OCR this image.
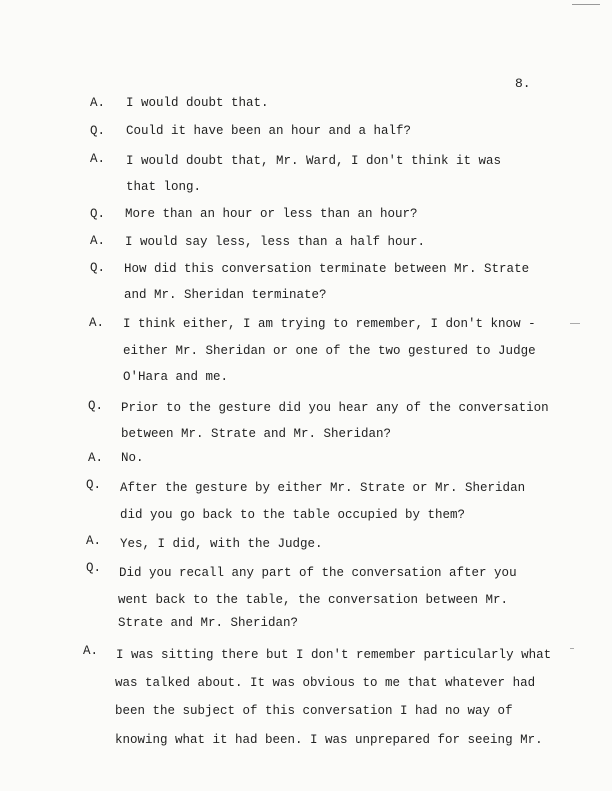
8.
A. I would doubt that.
Q. Could it have been an hour and a half?
A. I would doubt that, Mr. Ward, I don't think it was
that long.
Q. More than an hour or less than an hour?
A. I would say less, less than a half hour.
Q. How did this conversation terminate between Mr. Strate
and Mr. Sheridan terminate?
A. I think either, I am trying to remember, I don't know -
either Mr. Sheridan or one of the two gestured to Judge
O'Hara and me.
Q. Prior to the gesture did you hear any of the conversation
between Mr. Strate and Mr. Sheridan?
A. No.
Q. After the gesture by either Mr. Strate or Mr. Sheridan
did you go back to the table occupied by them?
A. Yes, I did, with the Judge.
Q. Did you recall any part of the conversation after you
went back to the table, the conversation between Mr.
Strate and Mr. Sheridan?
A. I was sitting there but I don't remember particularly what
was talked about. It was obvious to me that whatever had
been the subject of this conversation I had no way of
knowing what it had been. I was unprepared for seeing Mr.
